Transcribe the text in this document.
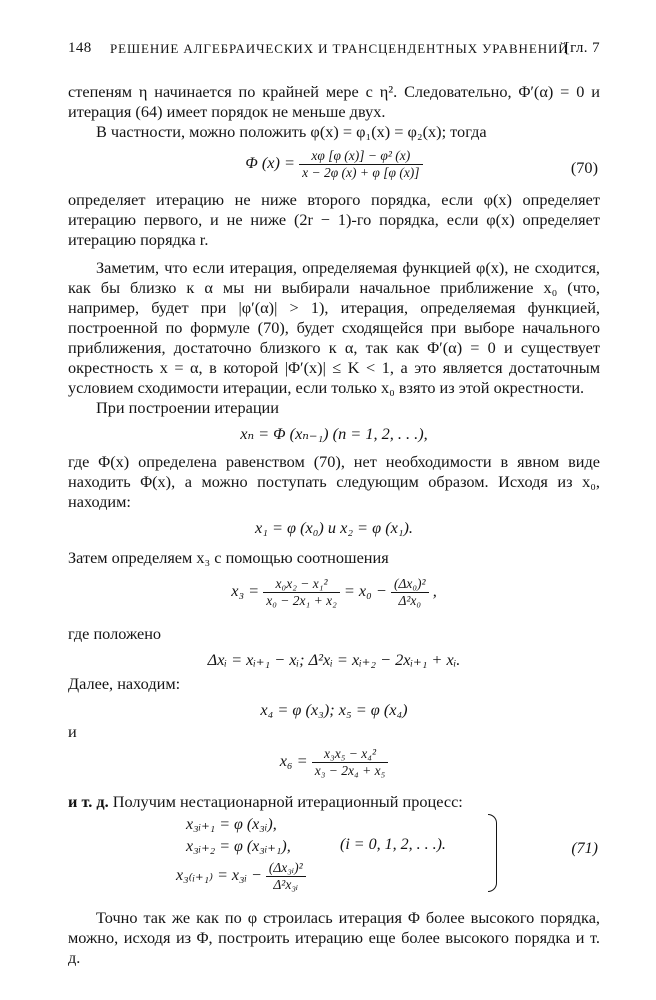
148 РЕШЕНИЕ АЛГЕБРАИЧЕСКИХ И ТРАНСЦЕНДЕНТНЫХ УРАВНЕНИЙ
[гл. 7

степеням η начинается по крайней мере с η². Следовательно, Φ′(α) = 0 и итерация (64) имеет порядок не меньше двух.

В частности, можно положить φ(x) = φ₁(x) = φ₂(x); тогда

Φ $(x) = \frac{\text{xφ [φ (x)] − φ² (x)}}{x - 2\varphi (x) + \varphi [\varphi (x)]}$	(70)

определяет итерацию не ниже второго порядка, если φ(x) определяет итерацию первого, и не ниже (2r − 1)-го порядка, если φ(x) определяет итерацию порядка r.

Заметим, что если итерация, определяемая функцией φ(x), не сходится, как бы близко к α мы ни выбирали начальное приближение x₀ (что, например, будет при |φ′(α)| > 1), итерация, определяемая функцией, построенной по формуле (70), будет сходящейся при выборе начального приближения, достаточно близкого к α, так как Φ′(α) = 0 и существует окрестность x = α, в которой |Φ′(x)| ≤ K < 1, а это является достаточным условием сходимости итерации, если только x₀ взято из этой окрестности.

При построении итерации

xₙ = Φ (xₙ₋₁) (n = 1, 2, . . .),

где Φ(x) определена равенством (70), нет необходимости в явном виде находить Φ(x), а можно поступать следующим образом. Исходя из x₀, находим:

x₁ = φ (x₀) и x₂ = φ (x₁).

Затем определяем x₃ с помощью соотношения

$x_3 = \frac{\text{x₀x₂ − x₁²}}{\text{x₀ − 2x₁ + x₂}} = x_0 - \frac{\text{(Δx₀)²}}{\text{Δ²x₀}}$ ,

где положено

Δxᵢ = xᵢ₊₁ − xᵢ; Δ²xᵢ = xᵢ₊₂ − 2xᵢ₊₁ + xᵢ.

Далее, находим:

x₄ = φ (x₃); x₅ = φ (x₄)

и

$x_6 = \frac{\text{x₃x₅ − x₄²}}{\text{x₃ − 2x₄ + x₅}}$

и т. д. Получим нестационарной итерационный процесс:

x₃ᵢ₊₁ = φ (x₃ᵢ),
x₃ᵢ₊₂ = φ (x₃ᵢ₊₁),	(i = 0, 1, 2, . . .).
x₃₍ᵢ₊₁₎ = x₃ᵢ − $\frac{\text{(Δx₃ᵢ)²}}{\text{Δ²x₃ᵢ}}$
(71)

Точно так же как по φ строилась итерация Φ более высокого порядка, можно, исходя из Φ, построить итерацию еще более высокого порядка и т. д.
